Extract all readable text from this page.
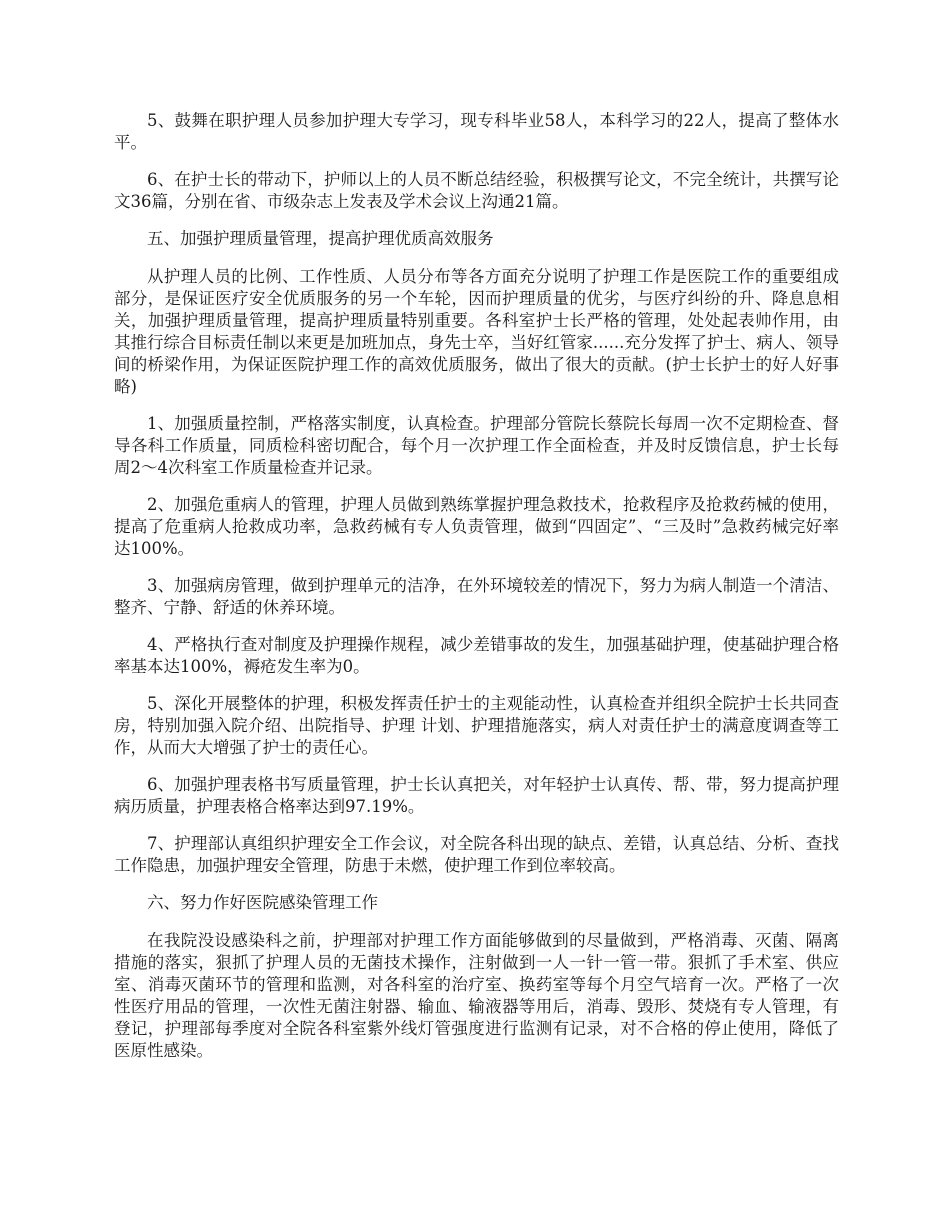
5、鼓舞在职护理人员参加护理大专学习，现专科毕业58人，本科学习的22人，提高了整体水平。

6、在护士长的带动下，护师以上的人员不断总结经验，积极撰写论文，不完全统计，共撰写论文36篇，分别在省、市级杂志上发表及学术会议上沟通21篇。

五、加强护理质量管理，提高护理优质高效服务

从护理人员的比例、工作性质、人员分布等各方面充分说明了护理工作是医院工作的重要组成部分，是保证医疗安全优质服务的另一个车轮，因而护理质量的优劣，与医疗纠纷的升、降息息相关，加强护理质量管理，提高护理质量特别重要。各科室护士长严格的管理，处处起表帅作用，由其推行综合目标责任制以来更是加班加点，身先士卒，当好红管家......充分发挥了护士、病人、领导间的桥梁作用，为保证医院护理工作的高效优质服务，做出了很大的贡献。(护士长护士的好人好事略)

1、加强质量控制，严格落实制度，认真检查。护理部分管院长蔡院长每周一次不定期检查、督导各科工作质量，同质检科密切配合，每个月一次护理工作全面检查，并及时反馈信息，护士长每周2～4次科室工作质量检查并记录。

2、加强危重病人的管理，护理人员做到熟练掌握护理急救技术，抢救程序及抢救药械的使用，提高了危重病人抢救成功率，急救药械有专人负责管理，做到“四固定”、“三及时”急救药械完好率达100%。

3、加强病房管理，做到护理单元的洁净，在外环境较差的情况下，努力为病人制造一个清洁、整齐、宁静、舒适的休养环境。

4、严格执行查对制度及护理操作规程，减少差错事故的发生，加强基础护理，使基础护理合格率基本达100%，褥疮发生率为0。

5、深化开展整体的护理，积极发挥责任护士的主观能动性，认真检查并组织全院护士长共同查房，特别加强入院介绍、出院指导、护理 计划、护理措施落实，病人对责任护士的满意度调查等工作，从而大大增强了护士的责任心。

6、加强护理表格书写质量管理，护士长认真把关，对年轻护士认真传、帮、带，努力提高护理病历质量，护理表格合格率达到97.19%。

7、护理部认真组织护理安全工作会议，对全院各科出现的缺点、差错，认真总结、分析、查找工作隐患，加强护理安全管理，防患于未燃，使护理工作到位率较高。

六、努力作好医院感染管理工作

在我院没设感染科之前，护理部对护理工作方面能够做到的尽量做到，严格消毒、灭菌、隔离措施的落实，狠抓了护理人员的无菌技术操作，注射做到一人一针一管一带。狠抓了手术室、供应室、消毒灭菌环节的管理和监测，对各科室的治疗室、换药室等每个月空气培育一次。严格了一次性医疗用品的管理，一次性无菌注射器、输血、输液器等用后，消毒、毁形、焚烧有专人管理，有登记，护理部每季度对全院各科室紫外线灯管强度进行监测有记录，对不合格的停止使用，降低了医原性感染。
